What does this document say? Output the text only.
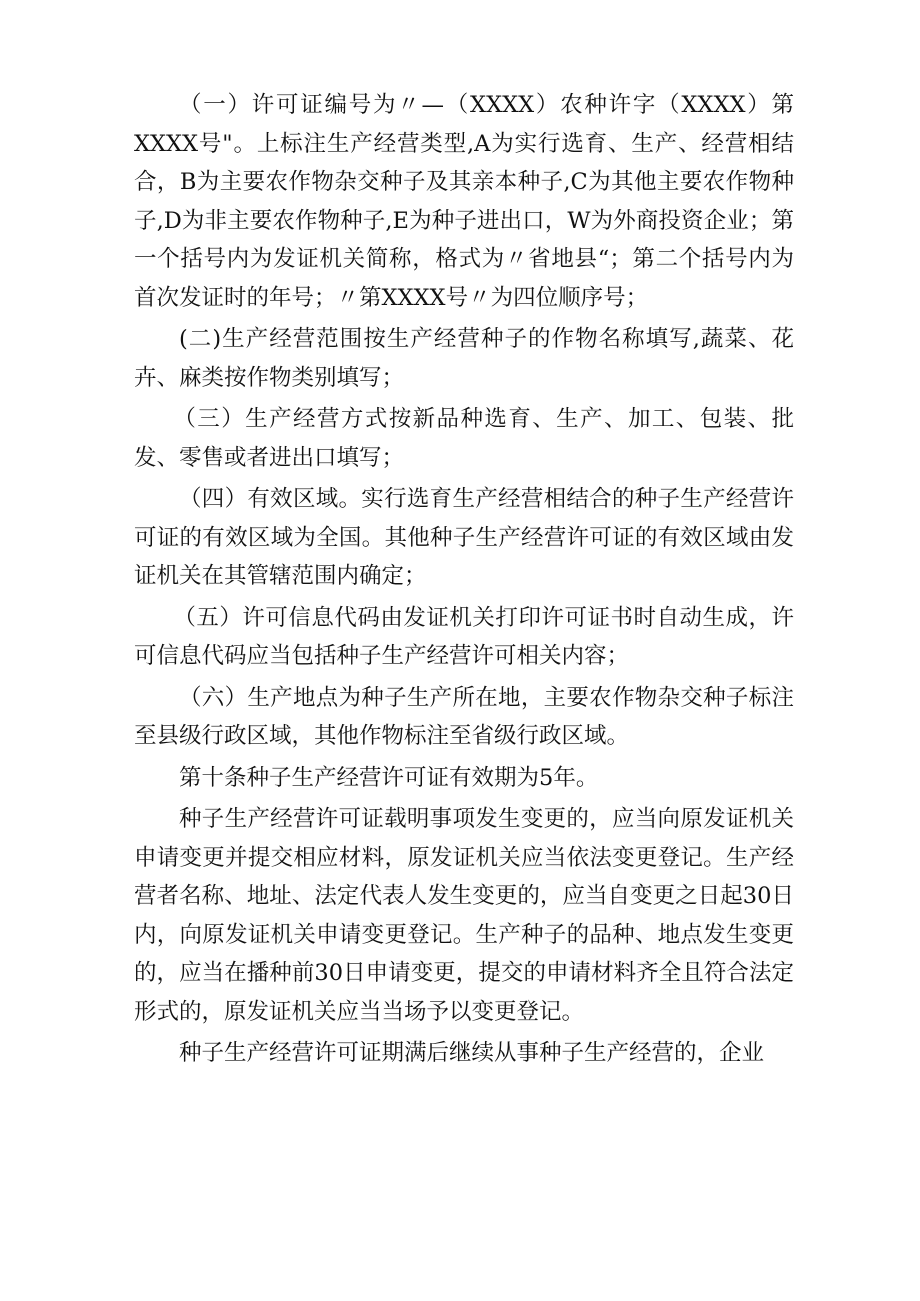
（一）许可证编号为〃—（XXXX）农种许字（XXXX）第XXXX号"。上标注生产经营类型,A为实行选育、生产、经营相结合，B为主要农作物杂交种子及其亲本种子,C为其他主要农作物种子,D为非主要农作物种子,E为种子进出口，W为外商投资企业；第一个括号内为发证机关简称，格式为〃省地县“；第二个括号内为首次发证时的年号；〃第XXXX号〃为四位顺序号；

(二)生产经营范围按生产经营种子的作物名称填写,蔬菜、花卉、麻类按作物类别填写；

（三）生产经营方式按新品种选育、生产、加工、包装、批发、零售或者进出口填写；

（四）有效区域。实行选育生产经营相结合的种子生产经营许可证的有效区域为全国。其他种子生产经营许可证的有效区域由发证机关在其管辖范围内确定；

（五）许可信息代码由发证机关打印许可证书时自动生成，许可信息代码应当包括种子生产经营许可相关内容；

（六）生产地点为种子生产所在地，主要农作物杂交种子标注至县级行政区域，其他作物标注至省级行政区域。

第十条种子生产经营许可证有效期为5年。

种子生产经营许可证载明事项发生变更的，应当向原发证机关申请变更并提交相应材料，原发证机关应当依法变更登记。生产经营者名称、地址、法定代表人发生变更的，应当自变更之日起30日内，向原发证机关申请变更登记。生产种子的品种、地点发生变更的，应当在播种前30日申请变更，提交的申请材料齐全且符合法定形式的，原发证机关应当当场予以变更登记。

种子生产经营许可证期满后继续从事种子生产经营的，企业
